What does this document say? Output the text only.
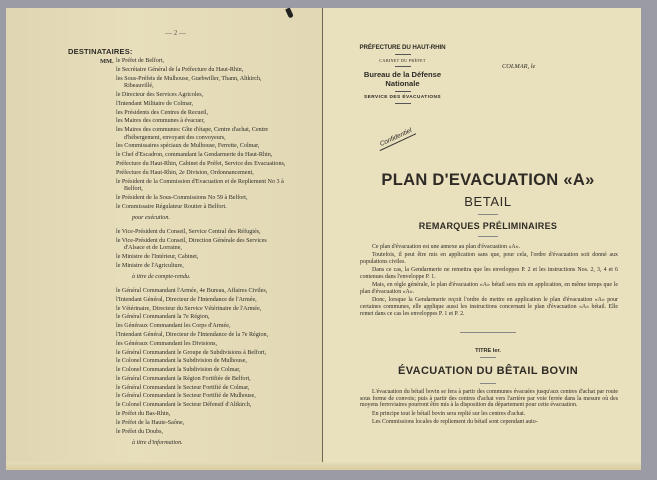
— 2 —
DESTINATAIRES:
MM. le Préfet de Belfort,
le Secrétaire Général de la Préfecture du Haut-Rhin,
les Sous-Préfets de Mulhouse, Guebwiller, Thann, Altkirch, Ribeauvillé,
le Directeur des Services Agricoles,
l'Intendant Militaire de Colmar,
les Présidents des Centres de Recueil,
les Maires des communes à évacuer,
les Maires des communes: Gîte d'étape, Centre d'achat, Centre d'hébergement, envoyant des convoyeurs,
les Commissaires spéciaux de Mulhouse, Ferrette, Colmar,
le Chef d'Escadron, commandant la Gendarmerie du Haut-Rhin,
Préfecture du Haut-Rhin, Cabinet du Préfet, Service des Evacuations,
Préfecture du Haut-Rhin, 2e Division, Ordonnancement,
le Président de la Commission d'Evacuation et de Repliement No 3 à Belfort,
le Président de la Sous-Commissions No 59 à Belfort,
le Commissaire Régulateur Routier à Belfort.
pour exécution.
le Vice-Président du Conseil, Service Central des Réfugiés,
le Vice-Président du Conseil, Direction Générale des Services d'Alsace et de Lorraine,
le Ministre de l'Intérieur, Cabinet,
le Ministre de l'Agriculture,
à titre de compte-rendu.
le Général Commandant l'Armée, 4e Bureau, Affaires Civiles,
l'Intendant Général, Directeur de l'Intendance de l'Armée,
le Vétérinaire, Directeur du Service Vétérinaire de l'Armée,
le Général Commandant la 7e Région,
les Généraux Commandant les Corps d'Armée,
l'Intendant Général, Directeur de l'Intendance de la 7e Région,
les Généraux Commandant les Divisions,
le Général Commandant le Groupe de Subdivisions à Belfort,
le Colonel Commandant la Subdivision de Mulhouse,
le Colonel Commandant la Subdivision de Colmar,
le Général Commandant la Région Fortifiée de Belfort,
le Général Commandant le Secteur Fortifié de Colmar,
le Général Commandant le Secteur Fortifié de Mulhouse,
le Colonel Commandant le Secteur Défensif d'Altkirch,
le Préfet du Bas-Rhin,
le Préfet de la Haute-Saône,
le Préfet du Doubs,
à titre d'information.
PRÉFECTURE DU HAUT-RHIN
CABINET DU PRÉFET
Bureau de la Défense Nationale
SERVICE DES ÉVACUATIONS
COLMAR, le
Confidentiel
PLAN D'EVACUATION «A»
BETAIL
REMARQUES PRÉLIMINAIRES

Ce plan d'évacuation est une annexe au plan d'évacuation «A».

Toutefois, il peut être mis en application sans que, pour cela, l'ordre d'évacuation soit donné aux populations civiles.

Dans ce cas, la Gendarmerie ne remettra que les enveloppes P. 2 et les instructions Nos. 2, 3, 4 et 6 contenues dans l'enveloppe P. 1.

Mais, en règle générale, le plan d'évacuation «A» bétail sera mis en application, en même temps que le plan d'évacuation «A».

Donc, lorsque la Gendarmerie reçoit l'ordre de mettre en application le plan d'évacuation «A» pour certaines communes, elle applique aussi les instructions concernant le plan d'évacuation «A» bétail. Elle remet dans ce cas les enveloppes P. 1 et P. 2.

TITRE Ier.
ÉVACUATION DU BÊTAIL BOVIN

L'évacuation du bétail bovin se fera à partir des communes évacuées jusqu'aux centres d'achat par route sous forme de convois; puis à partir des centres d'achat vers l'arrière par voie ferrée dans la mesure où des moyens ferroviaires pourront être mis à la disposition du département pour cette évacuation.

En principe tout le bétail bovin sera replié sur les centres d'achat.

Les Commissions locales de repliement du bétail sont cependant auto-
